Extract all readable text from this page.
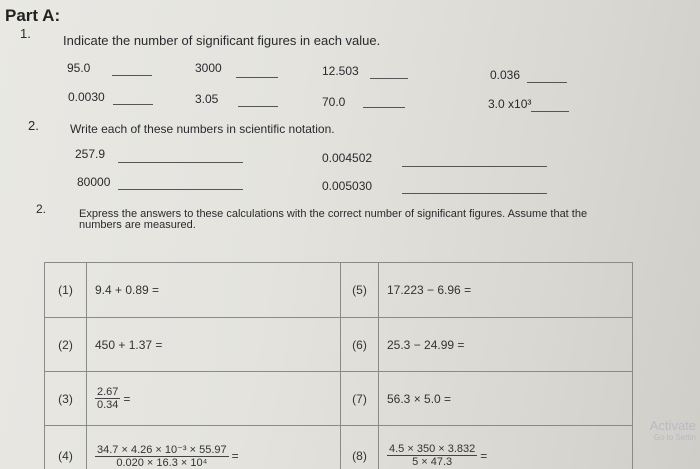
Part A:
1. Indicate the number of significant figures in each value.
95.0	3000	12.503	0.036
0.0030	3.05	70.0	3.0 x10³
2.	Write each of these numbers in scientific notation.
257.9	0.004502
80000	0.005030
2.	Express the answers to these calculations with the correct number of significant figures. Assume that the
numbers are measured.
(1)	9.4 + 0.89 =	(5)	17.223 − 6.96 =
(2)	450 + 1.37 =	(6)	25.3 − 24.99 =
(3)	$\frac{2.67}{0.34}$ =	(7)	56.3 × 5.0 =
(4)	$\frac{\text{34.7 × 4.26 × 10⁻³ × 55.97}}{\text{0.020 × 16.3 × 10⁴}}$ =	(8)	$\frac{4.5 \times 350 \times 3.832}{5 \times 47.3}$ =
Activate
Go to Settin
